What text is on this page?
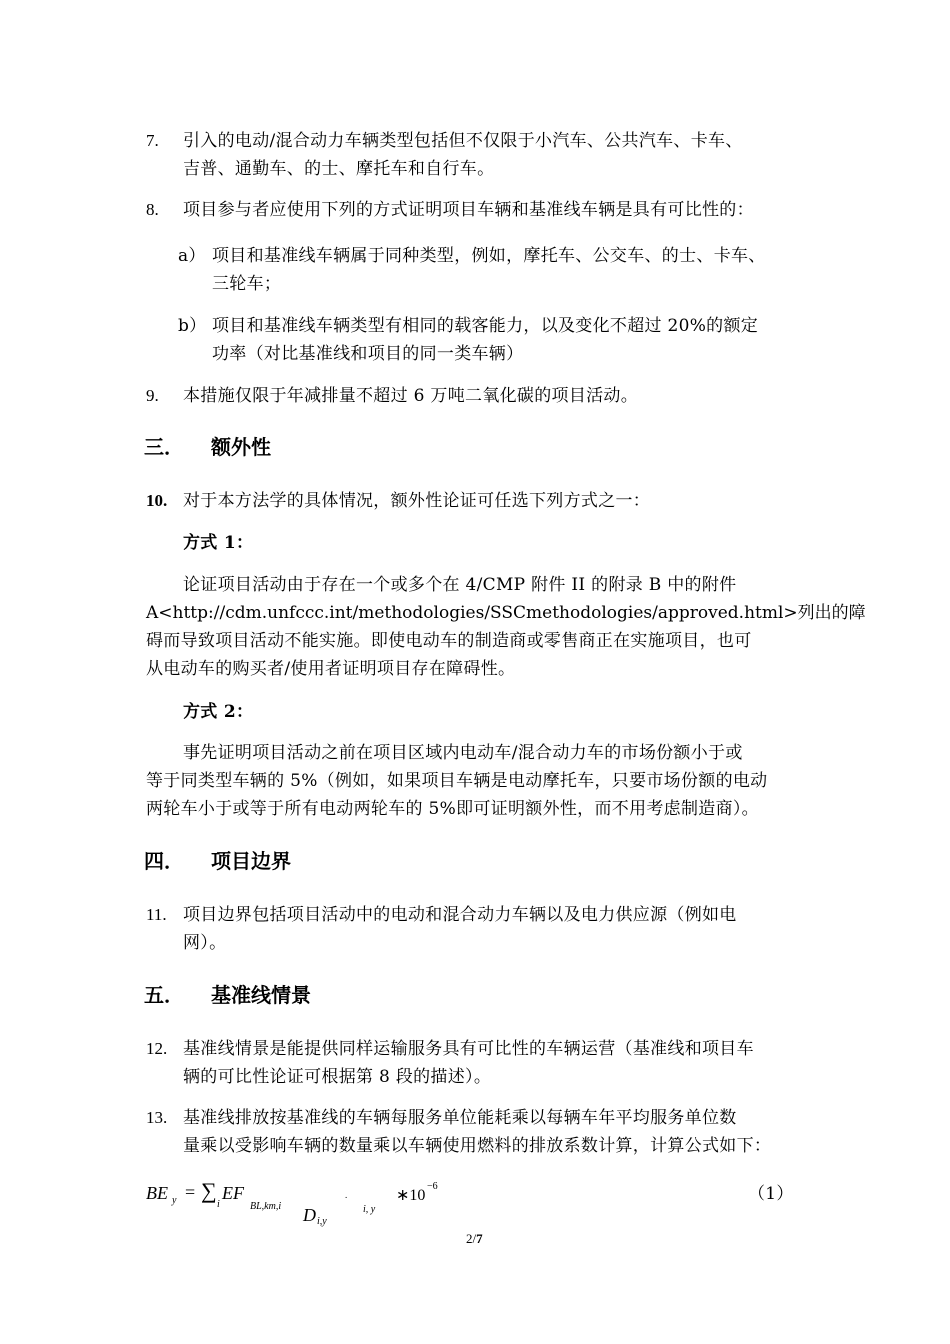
7. 引入的电动/混合动力车辆类型包括但不仅限于小汽车、公共汽车、卡车、
吉普、通勤车、的士、摩托车和自行车。
8. 项目参与者应使用下列的方式证明项目车辆和基准线车辆是具有可比性的：
a） 项目和基准线车辆属于同种类型，例如，摩托车、公交车、的士、卡车、
三轮车；
b） 项目和基准线车辆类型有相同的载客能力，以及变化不超过 20%的额定
功率（对比基准线和项目的同一类车辆）
9. 本措施仅限于年减排量不超过 6 万吨二氧化碳的项目活动。
三． 额外性
10. 对于本方法学的具体情况，额外性论证可任选下列方式之一：
方式 1：
论证项目活动由于存在一个或多个在 4/CMP 附件 II 的附录 B 中的附件
A<http://cdm.unfccc.int/methodologies/SSCmethodologies/approved.html>列出的障
碍而导致项目活动不能实施。即使电动车的制造商或零售商正在实施项目，也可
从电动车的购买者/使用者证明项目存在障碍性。
方式 2：
事先证明项目活动之前在项目区域内电动车/混合动力车的市场份额小于或
等于同类型车辆的 5%（例如，如果项目车辆是电动摩托车，只要市场份额的电动
两轮车小于或等于所有电动两轮车的 5%即可证明额外性，而不用考虑制造商）。
四． 项目边界
11. 项目边界包括项目活动中的电动和混合动力车辆以及电力供应源（例如电
网）。
五． 基准线情景
12. 基准线情景是能提供同样运输服务具有可比性的车辆运营（基准线和项目车
辆的可比性论证可根据第 8 段的描述）。
13. 基准线排放按基准线的车辆每服务单位能耗乘以每辆车年平均服务单位数
量乘以受影响车辆的数量乘以车辆使用燃料的排放系数计算，计算公式如下：
BE y = ∑
i
EF
BL,km,i D i,y
.
i, y
∗10
−6	（1）
2/7
